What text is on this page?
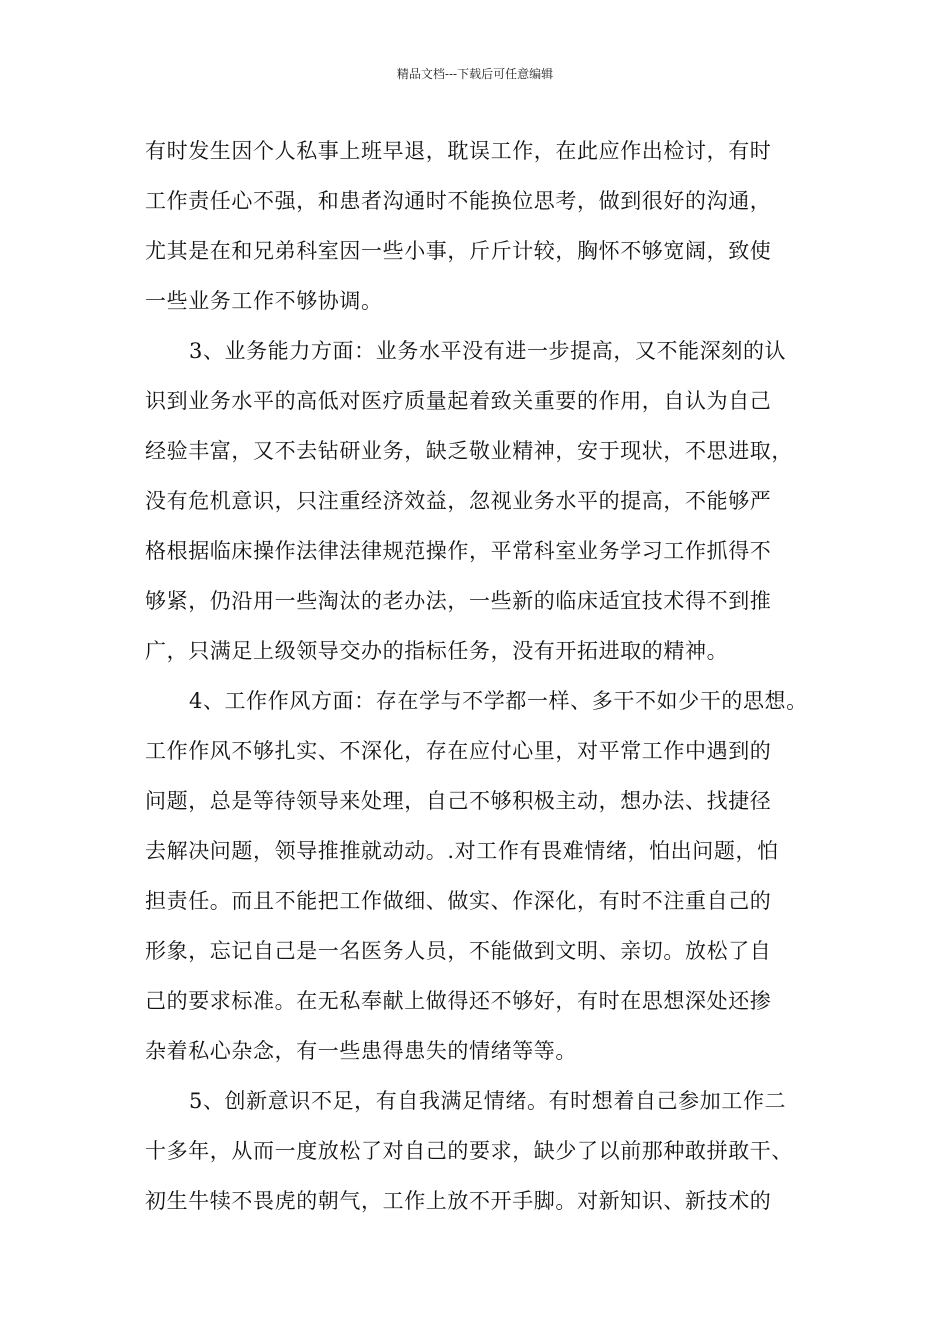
精品文档---下载后可任意编辑
有时发生因个人私事上班早退，耽误工作，在此应作出检讨，有时
工作责任心不强，和患者沟通时不能换位思考，做到很好的沟通，
尤其是在和兄弟科室因一些小事，斤斤计较，胸怀不够宽阔，致使
一些业务工作不够协调。
3、业务能力方面：业务水平没有进一步提高，又不能深刻的认
识到业务水平的高低对医疗质量起着致关重要的作用，自认为自己
经验丰富，又不去钻研业务，缺乏敬业精神，安于现状，不思进取，
没有危机意识，只注重经济效益，忽视业务水平的提高，不能够严
格根据临床操作法律法律规范操作，平常科室业务学习工作抓得不
够紧，仍沿用一些淘汰的老办法，一些新的临床适宜技术得不到推
广，只满足上级领导交办的指标任务，没有开拓进取的精神。
4、工作作风方面：存在学与不学都一样、多干不如少干的思想。
工作作风不够扎实、不深化，存在应付心里，对平常工作中遇到的
问题，总是等待领导来处理，自己不够积极主动，想办法、找捷径
去解决问题，领导推推就动动。.对工作有畏难情绪，怕出问题，怕
担责任。而且不能把工作做细、做实、作深化，有时不注重自己的
形象，忘记自己是一名医务人员，不能做到文明、亲切。放松了自
己的要求标准。在无私奉献上做得还不够好，有时在思想深处还掺
杂着私心杂念，有一些患得患失的情绪等等。
5、创新意识不足，有自我满足情绪。有时想着自己参加工作二
十多年，从而一度放松了对自己的要求，缺少了以前那种敢拼敢干、
初生牛犊不畏虎的朝气，工作上放不开手脚。对新知识、新技术的
